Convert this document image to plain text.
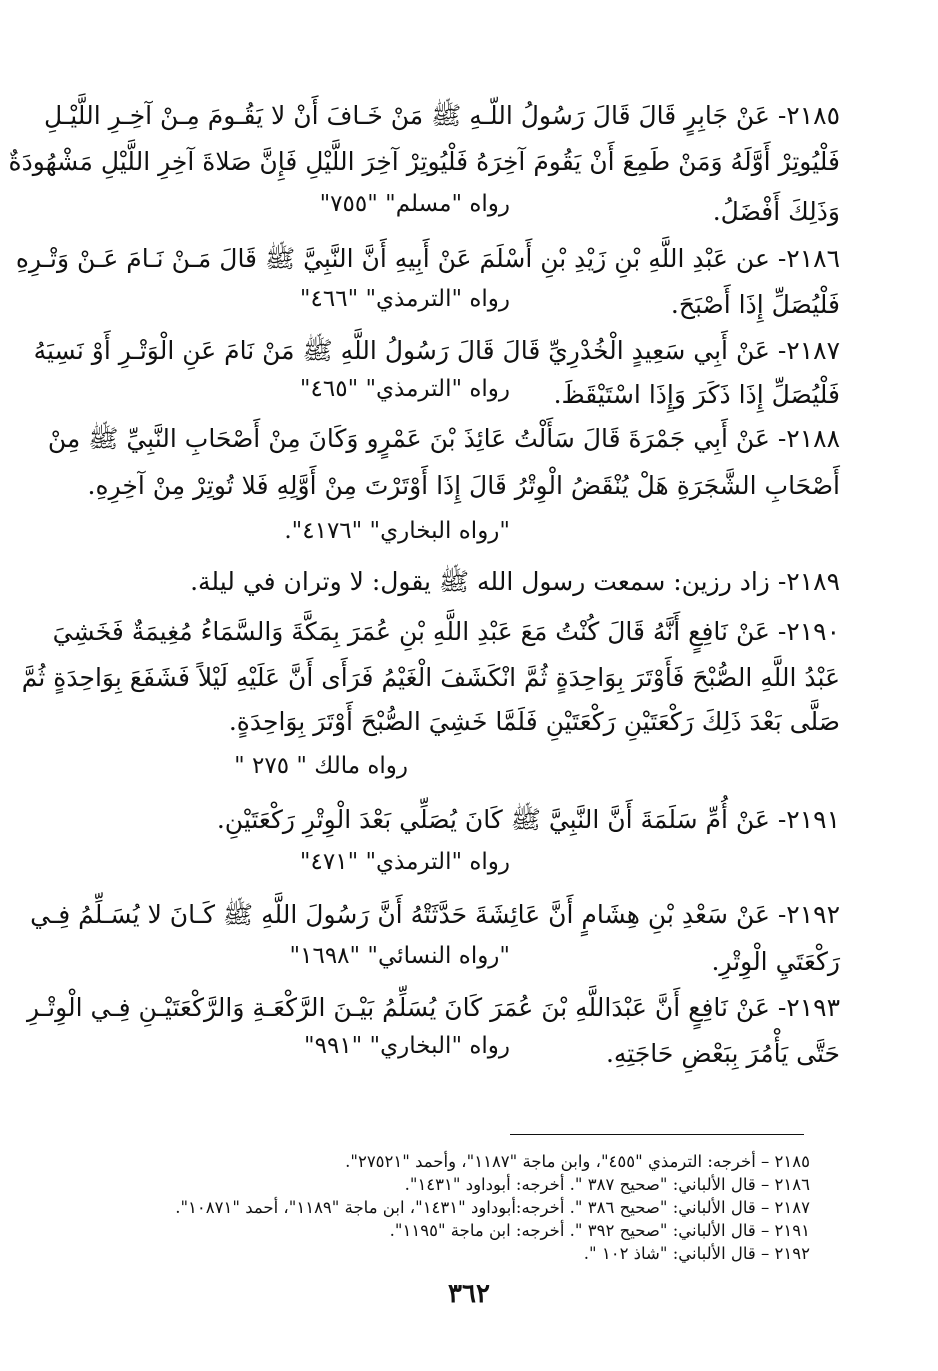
٢١٨٥- عَنْ جَابِرٍ قَالَ قَالَ رَسُولُ اللّـهِ ﷺ مَنْ خَـافَ أَنْ لا يَقُـومَ مِـنْ آخِـرِ اللَّيْـلِ
فَلْيُوتِرْ أَوَّلَهُ وَمَنْ طَمِعَ أَنْ يَقُومَ آخِرَهُ فَلْيُوتِرْ آخِرَ اللَّيْلِ فَإِنَّ صَلاةَ آخِرِ اللَّيْلِ مَشْهُودَةٌ
وَذَلِكَ أَفْضَلُ.
رواه "مسلم" "٧٥٥"
٢١٨٦- عن عَبْدِ اللَّهِ بْنِ زَيْدِ بْنِ أَسْلَمَ عَنْ أَبِيهِ أَنَّ النَّبِيَّ ﷺ قَالَ مَـنْ نَـامَ عَـنْ وَتْـرِهِ
فَلْيُصَلِّ إِذَا أَصْبَحَ.
رواه "الترمذي" "٤٦٦"
٢١٨٧- عَنْ أَبِي سَعِيدٍ الْخُدْرِيِّ قَالَ قَالَ رَسُولُ اللَّهِ ﷺ مَنْ نَامَ عَنِ الْوَتْـرِ أَوْ نَسِيَهُ
فَلْيُصَلِّ إِذَا ذَكَرَ وَإِذَا اسْتَيْقَظَ.
رواه "الترمذي" "٤٦٥"
٢١٨٨- عَنْ أَبِي جَمْرَةَ قَالَ سَأَلْتُ عَائِذَ بْنَ عَمْرٍو وَكَانَ مِنْ أَصْحَابِ النَّبِيِّ ﷺ مِنْ
أَصْحَابِ الشَّجَرَةِ هَلْ يُنْقَضُ الْوِتْرُ قَالَ إِذَا أَوْتَرْتَ مِنْ أَوَّلِهِ فَلا تُوتِرْ مِنْ آخِرِهِ.
"رواه البخاري" "٤١٧٦".
٢١٨٩- زاد رزين: سمعت رسول الله ﷺ يقول: لا وتران في ليلة.
٢١٩٠- عَنْ نَافِعٍ أَنَّهُ قَالَ كُنْتُ مَعَ عَبْدِ اللَّهِ بْنِ عُمَرَ بِمَكَّةَ وَالسَّمَاءُ مُغِيمَةٌ فَخَشِيَ
عَبْدُ اللَّهِ الصُّبْحَ فَأَوْتَرَ بِوَاحِدَةٍ ثُمَّ انْكَشَفَ الْغَيْمُ فَرَأَى أَنَّ عَلَيْهِ لَيْلاً فَشَفَعَ بِوَاحِدَةٍ ثُمَّ
صَلَّى بَعْدَ ذَلِكَ رَكْعَتَيْنِ رَكْعَتَيْنِ فَلَمَّا خَشِيَ الصُّبْحَ أَوْتَرَ بِوَاحِدَةٍ.
رواه مالك " ٢٧٥ "
٢١٩١- عَنْ أُمِّ سَلَمَةَ أَنَّ النَّبِيَّ ﷺ كَانَ يُصَلِّي بَعْدَ الْوِتْرِ رَكْعَتَيْنِ.
رواه "الترمذي" "٤٧١"
٢١٩٢- عَنْ سَعْدِ بْنِ هِشَامٍ أَنَّ عَائِشَةَ حَدَّثَتْهُ أَنَّ رَسُولَ اللَّهِ ﷺ كَـانَ لا يُسَـلِّمُ فِـي
رَكْعَتَيِ الْوِتْرِ.
"رواه النسائي" "١٦٩٨"
٢١٩٣- عَنْ نَافِعٍ أَنَّ عَبْدَاللَّهِ بْنَ عُمَرَ كَانَ يُسَلِّمُ بَيْـنَ الرَّكْعَـةِ وَالرَّكْعَتَيْـنِ فِـي الْوِتْـرِ
حَتَّى يَأْمُرَ بِبَعْضِ حَاجَتِهِ.
رواه "البخاري" "٩٩١"
٢١٨٥ – أخرجه: الترمذي "٤٥٥"، وابن ماجة "١١٨٧"، وأحمد "٢٧٥٢١".
٢١٨٦ – قال الألباني: "صحيح ٣٨٧ ". أخرجه: أبوداود "١٤٣١".
٢١٨٧ – قال الألباني: "صحيح ٣٨٦ ". أخرجه:أبوداود "١٤٣١"، ابن ماجة "١١٨٩"، أحمد "١٠٨٧١".
٢١٩١ – قال الألباني: "صحيح ٣٩٢ ". أخرجه: ابن ماجة "١١٩٥".
٢١٩٢ – قال الألباني: "شاذ ١٠٢ ".
٣٦٢
